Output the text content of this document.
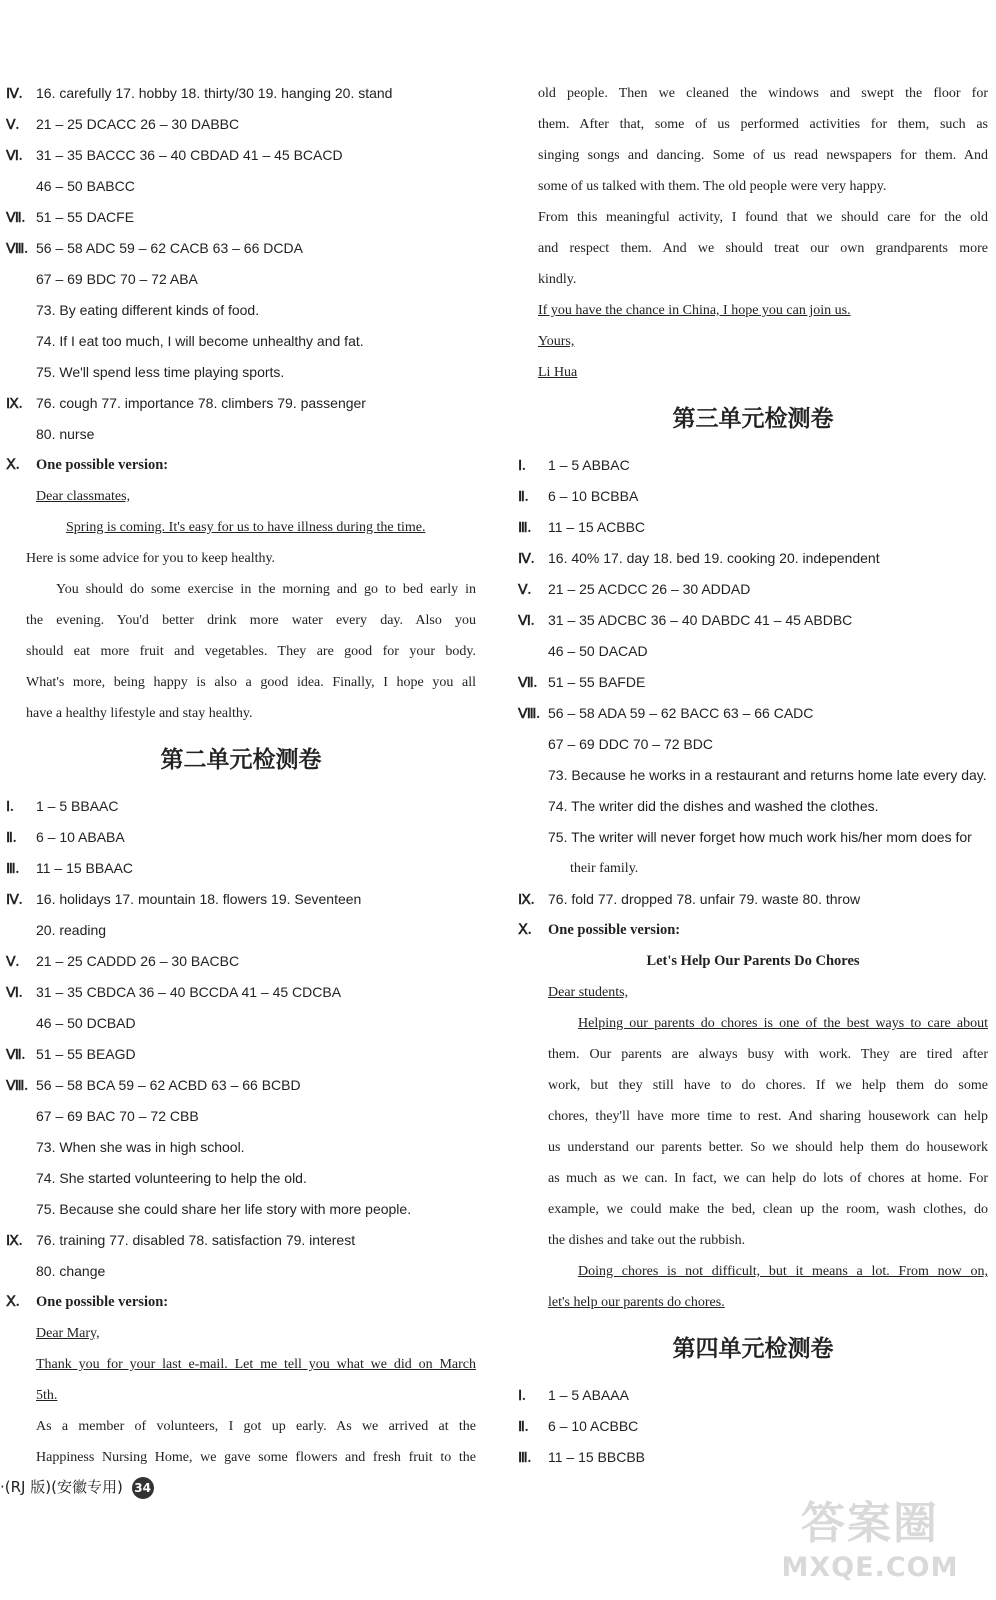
Ⅳ. 16. carefully 17. hobby 18. thirty/30 19. hanging 20. stand
Ⅴ. 21 – 25 DCACC 26 – 30 DABBC
Ⅵ. 31 – 35 BACCC 36 – 40 CBDAD 41 – 45 BCACD
46 – 50 BABCC
Ⅶ. 51 – 55 DACFE
Ⅷ. 56 – 58 ADC 59 – 62 CACB 63 – 66 DCDA
67 – 69 BDC 70 – 72 ABA
73. By eating different kinds of food.
74. If I eat too much, I will become unhealthy and fat.
75. We'll spend less time playing sports.
Ⅸ. 76. cough 77. importance 78. climbers 79. passenger
80. nurse
Ⅹ. One possible version:
Dear classmates,
Spring is coming. It's easy for us to have illness during the time.
Here is some advice for you to keep healthy.
You should do some exercise in the morning and go to bed early in
the evening. You'd better drink more water every day. Also you
should eat more fruit and vegetables. They are good for your body.
What's more, being happy is also a good idea. Finally, I hope you all
have a healthy lifestyle and stay healthy.
第二单元检测卷
Ⅰ. 1 – 5 BBAAC
Ⅱ. 6 – 10 ABABA
Ⅲ. 11 – 15 BBAAC
Ⅳ. 16. holidays 17. mountain 18. flowers 19. Seventeen
20. reading
Ⅴ. 21 – 25 CADDD 26 – 30 BACBC
Ⅵ. 31 – 35 CBDCA 36 – 40 BCCDA 41 – 45 CDCBA
46 – 50 DCBAD
Ⅶ. 51 – 55 BEAGD
Ⅷ. 56 – 58 BCA 59 – 62 ACBD 63 – 66 BCBD
67 – 69 BAC 70 – 72 CBB
73. When she was in high school.
74. She started volunteering to help the old.
75. Because she could share her life story with more people.
Ⅸ. 76. training 77. disabled 78. satisfaction 79. interest
80. change
Ⅹ. One possible version:
Dear Mary,
Thank you for your last e-mail. Let me tell you what we did on March
5th.
As a member of volunteers, I got up early. As we arrived at the
Happiness Nursing Home, we gave some flowers and fresh fruit to the
old people. Then we cleaned the windows and swept the floor for
them. After that, some of us performed activities for them, such as
singing songs and dancing. Some of us read newspapers for them. And
some of us talked with them. The old people were very happy.
From this meaningful activity, I found that we should care for the old
and respect them. And we should treat our own grandparents more
kindly.
If you have the chance in China, I hope you can join us.
Yours,
Li Hua
第三单元检测卷
Ⅰ. 1 – 5 ABBAC
Ⅱ. 6 – 10 BCBBA
Ⅲ. 11 – 15 ACBBC
Ⅳ. 16. 40% 17. day 18. bed 19. cooking 20. independent
Ⅴ. 21 – 25 ACDCC 26 – 30 ADDAD
Ⅵ. 31 – 35 ADCBC 36 – 40 DABDC 41 – 45 ABDBC
46 – 50 DACAD
Ⅶ. 51 – 55 BAFDE
Ⅷ. 56 – 58 ADA 59 – 62 BACC 63 – 66 CADC
67 – 69 DDC 70 – 72 BDC
73. Because he works in a restaurant and returns home late every day.
74. The writer did the dishes and washed the clothes.
75. The writer will never forget how much work his/her mom does for
their family.
Ⅸ. 76. fold 77. dropped 78. unfair 79. waste 80. throw
Ⅹ. One possible version:
Let's Help Our Parents Do Chores
Dear students,
Helping our parents do chores is one of the best ways to care about
them. Our parents are always busy with work. They are tired after
work, but they still have to do chores. If we help them do some
chores, they'll have more time to rest. And sharing housework can help
us understand our parents better. So we should help them do housework
as much as we can. In fact, we can help do lots of chores at home. For
example, we could make the bed, clean up the room, wash clothes, do
the dishes and take out the rubbish.
Doing chores is not difficult, but it means a lot. From now on,
let's help our parents do chores.
第四单元检测卷
Ⅰ. 1 – 5 ABAAA
Ⅱ. 6 – 10 ACBBC
Ⅲ. 11 – 15 BBCBB
·(RJ 版)(安徽专用) 34
答案圈
MXQE.COM
